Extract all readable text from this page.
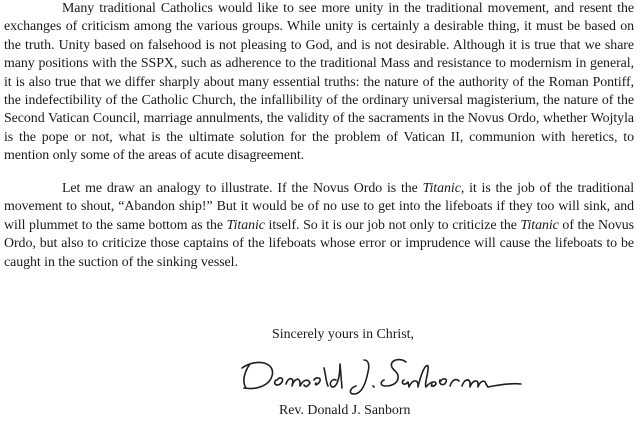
Many traditional Catholics would like to see more unity in the traditional movement, and resent the exchanges of criticism among the various groups. While unity is certainly a desirable thing, it must be based on the truth. Unity based on falsehood is not pleasing to God, and is not desirable. Although it is true that we share many positions with the SSPX, such as adherence to the traditional Mass and resistance to modernism in general, it is also true that we differ sharply about many essential truths: the nature of the authority of the Roman Pontiff, the indefectibility of the Catholic Church, the infallibility of the ordinary universal magisterium, the nature of the Second Vatican Council, marriage annulments, the validity of the sacraments in the Novus Ordo, whether Wojtyla is the pope or not, what is the ultimate solution for the problem of Vatican II, communion with heretics, to mention only some of the areas of acute disagreement.

Let me draw an analogy to illustrate. If the Novus Ordo is the Titanic, it is the job of the traditional movement to shout, “Abandon ship!” But it would be of no use to get into the lifeboats if they too will sink, and will plummet to the same bottom as the Titanic itself. So it is our job not only to criticize the Titanic of the Novus Ordo, but also to criticize those captains of the lifeboats whose error or imprudence will cause the lifeboats to be caught in the suction of the sinking vessel.

Sincerely yours in Christ,
Rev. Donald J. Sanborn
